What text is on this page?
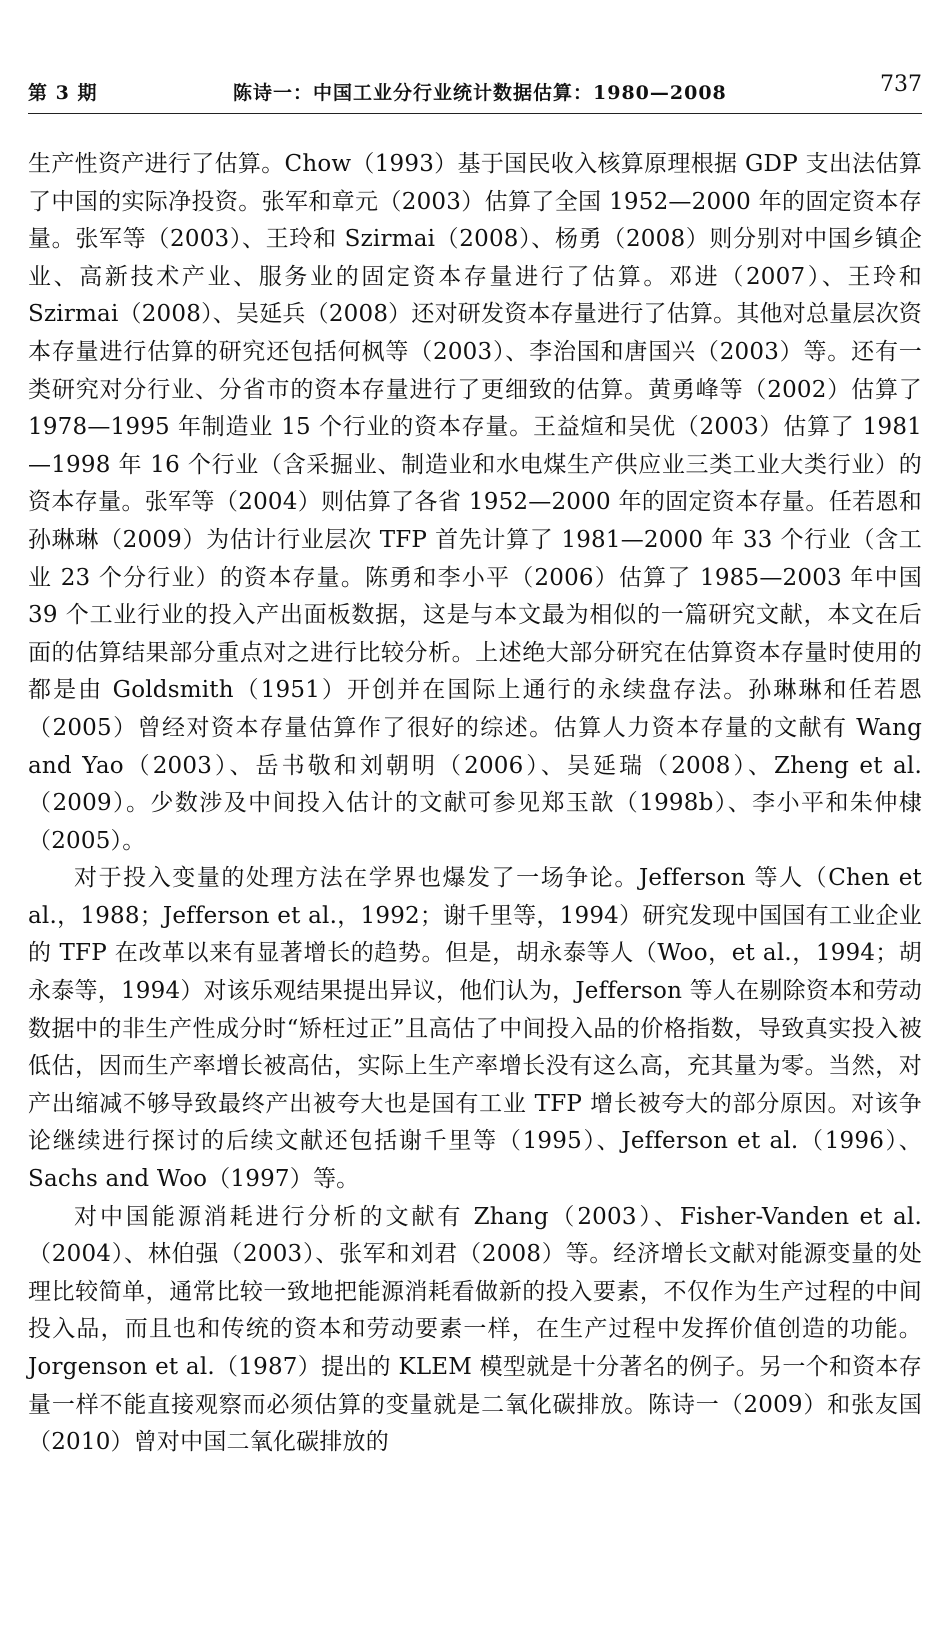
第 3 期	陈诗一：中国工业分行业统计数据估算：1980—2008	737

生产性资产进行了估算。Chow（1993）基于国民收入核算原理根据 GDP 支出法估算了中国的实际净投资。张军和章元（2003）估算了全国 1952—2000 年的固定资本存量。张军等（2003）、王玲和 Szirmai（2008）、杨勇（2008）则分别对中国乡镇企业、高新技术产业、服务业的固定资本存量进行了估算。邓进（2007）、王玲和 Szirmai（2008）、吴延兵（2008）还对研发资本存量进行了估算。其他对总量层次资本存量进行估算的研究还包括何枫等（2003）、李治国和唐国兴（2003）等。还有一类研究对分行业、分省市的资本存量进行了更细致的估算。黄勇峰等（2002）估算了 1978—1995 年制造业 15 个行业的资本存量。王益煊和吴优（2003）估算了 1981—1998 年 16 个行业（含采掘业、制造业和水电煤生产供应业三类工业大类行业）的资本存量。张军等（2004）则估算了各省 1952—2000 年的固定资本存量。任若恩和孙琳琳（2009）为估计行业层次 TFP 首先计算了 1981—2000 年 33 个行业（含工业 23 个分行业）的资本存量。陈勇和李小平（2006）估算了 1985—2003 年中国 39 个工业行业的投入产出面板数据，这是与本文最为相似的一篇研究文献，本文在后面的估算结果部分重点对之进行比较分析。上述绝大部分研究在估算资本存量时使用的都是由 Goldsmith（1951）开创并在国际上通行的永续盘存法。孙琳琳和任若恩（2005）曾经对资本存量估算作了很好的综述。估算人力资本存量的文献有 Wang and Yao（2003）、岳书敬和刘朝明（2006）、吴延瑞（2008）、Zheng et al.（2009）。少数涉及中间投入估计的文献可参见郑玉歆（1998b）、李小平和朱仲棣（2005）。

对于投入变量的处理方法在学界也爆发了一场争论。Jefferson 等人（Chen et al.，1988；Jefferson et al.，1992；谢千里等，1994）研究发现中国国有工业企业的 TFP 在改革以来有显著增长的趋势。但是，胡永泰等人（Woo，et al.，1994；胡永泰等，1994）对该乐观结果提出异议，他们认为，Jefferson 等人在剔除资本和劳动数据中的非生产性成分时“矫枉过正”且高估了中间投入品的价格指数，导致真实投入被低估，因而生产率增长被高估，实际上生产率增长没有这么高，充其量为零。当然，对产出缩减不够导致最终产出被夸大也是国有工业 TFP 增长被夸大的部分原因。对该争论继续进行探讨的后续文献还包括谢千里等（1995）、Jefferson et al.（1996）、Sachs and Woo（1997）等。

对中国能源消耗进行分析的文献有 Zhang（2003）、Fisher-Vanden et al.（2004）、林伯强（2003）、张军和刘君（2008）等。经济增长文献对能源变量的处理比较简单，通常比较一致地把能源消耗看做新的投入要素，不仅作为生产过程的中间投入品，而且也和传统的资本和劳动要素一样，在生产过程中发挥价值创造的功能。Jorgenson et al.（1987）提出的 KLEM 模型就是十分著名的例子。另一个和资本存量一样不能直接观察而必须估算的变量就是二氧化碳排放。陈诗一（2009）和张友国（2010）曾对中国二氧化碳排放的
